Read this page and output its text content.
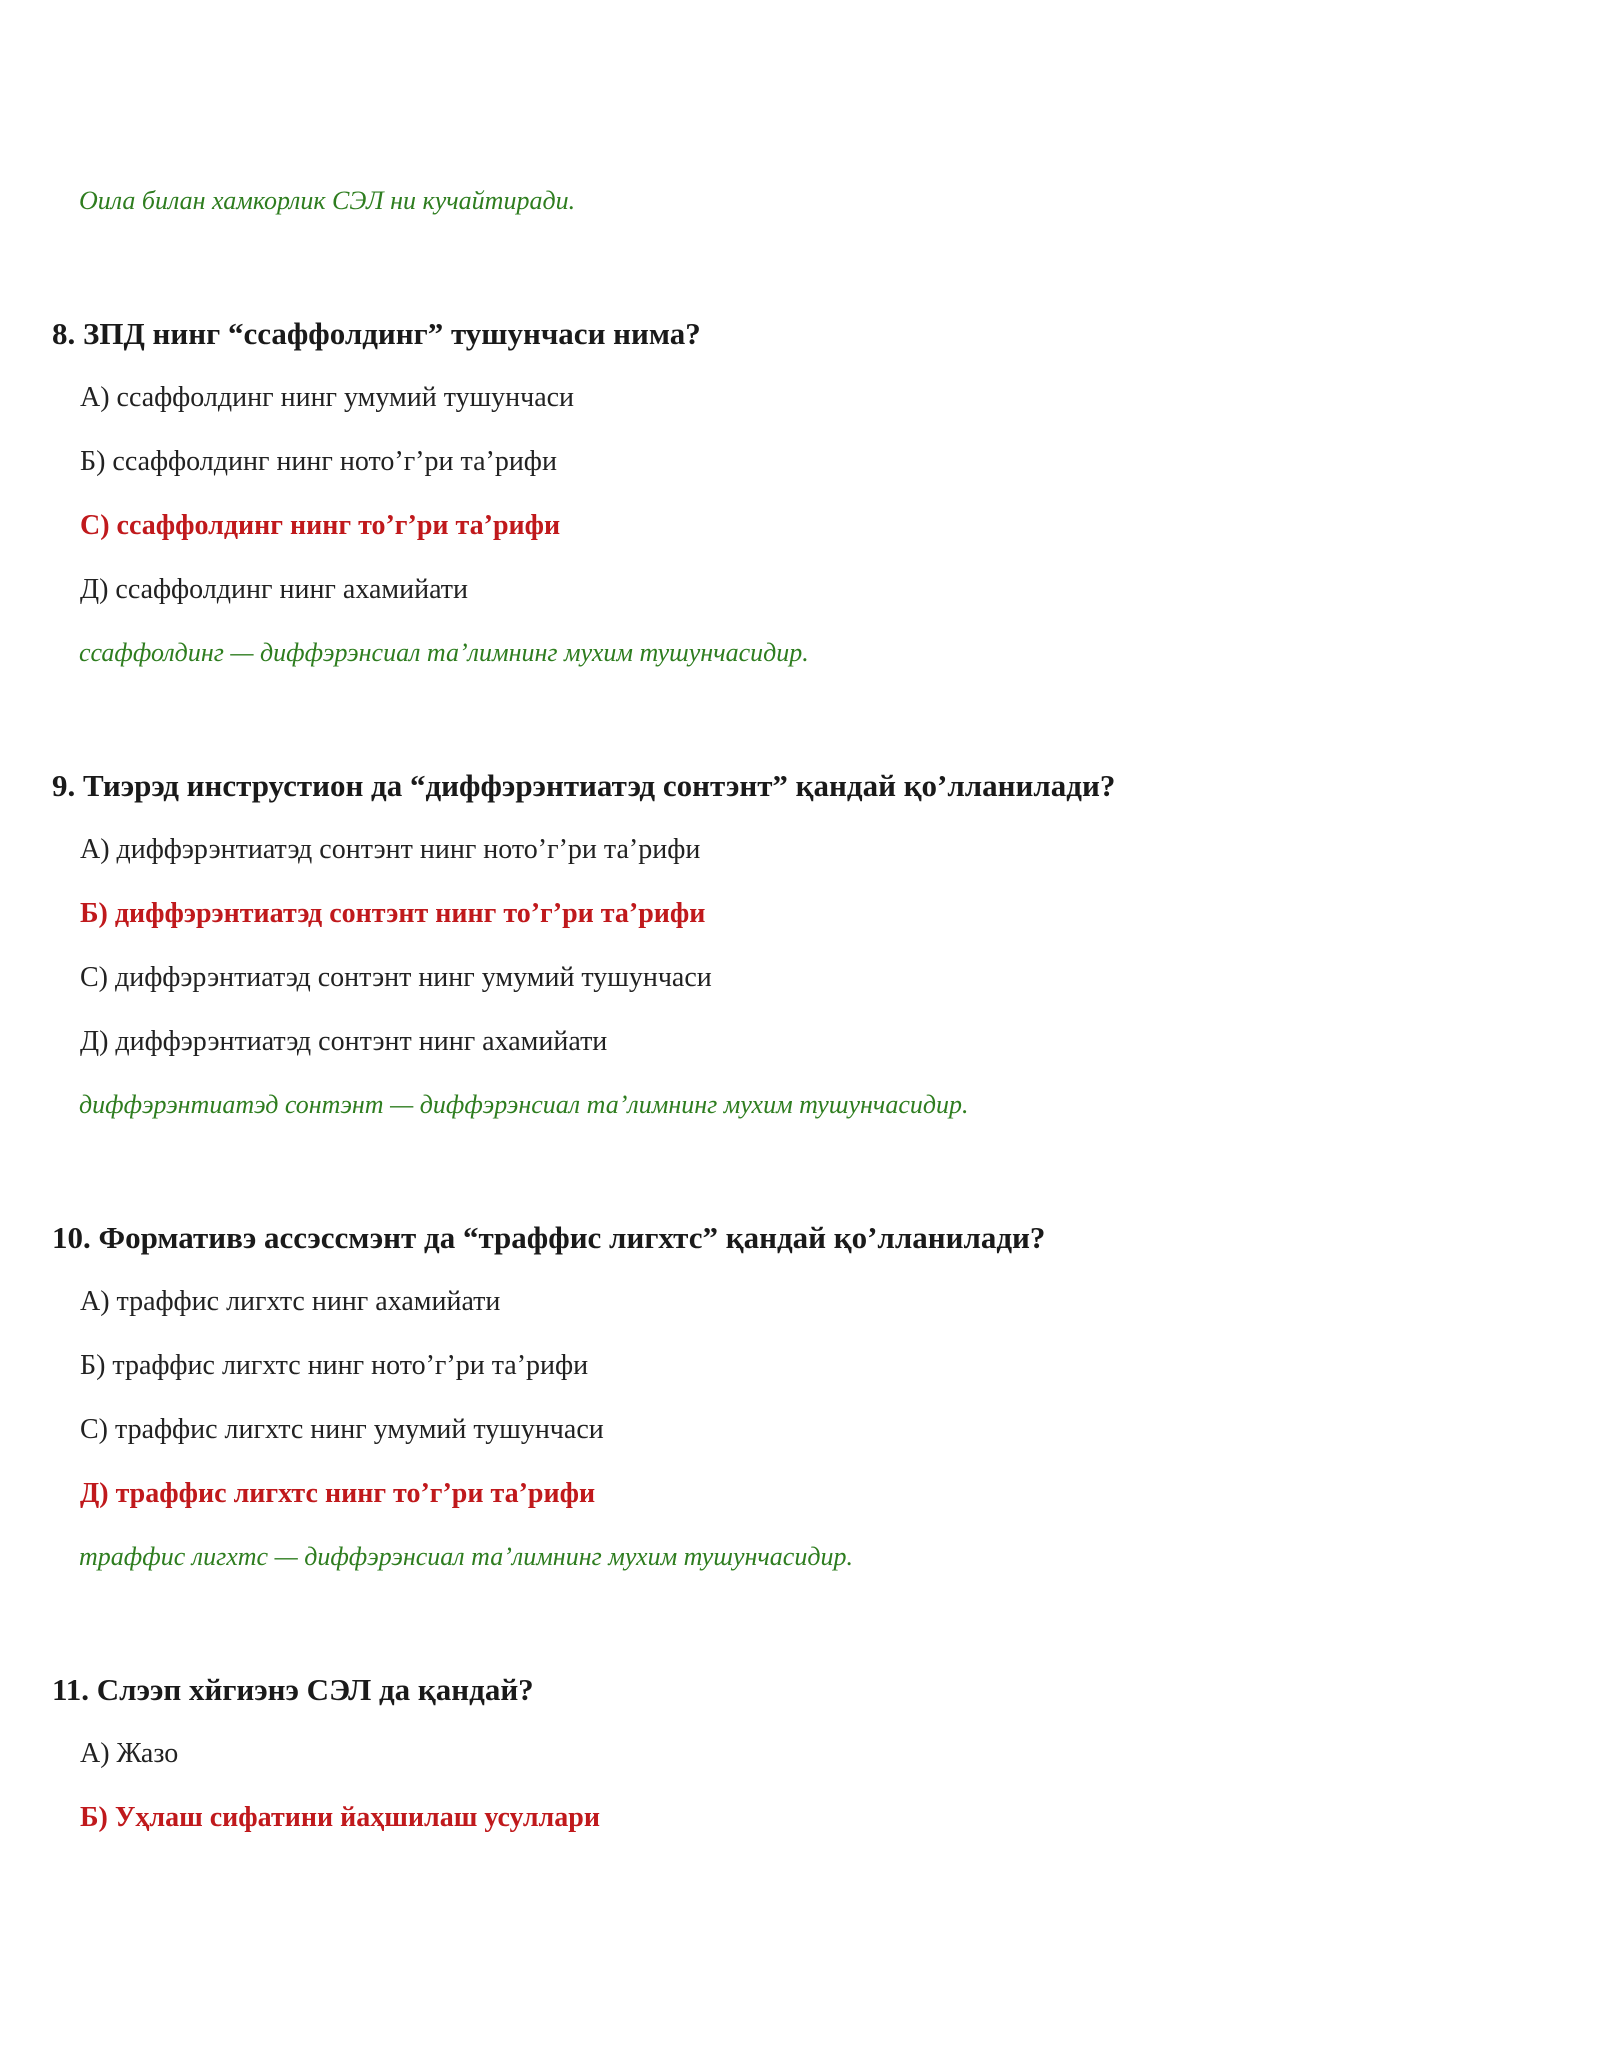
Оила билан хамкорлик СЭЛ ни кучайтиради.
8. ЗПД нинг “ссаффолдинг” тушунчаси нима?
А) ссаффолдинг нинг умумий тушунчаси
Б) ссаффолдинг нинг ното’г’ри та’рифи
С) ссаффолдинг нинг то’г’ри та’рифи
Д) ссаффолдинг нинг ахамийати
ссаффолдинг — диффэрэнсиал та’лимнинг мухим тушунчасидир.
9. Тиэрэд инструстион да “диффэрэнтиатэд сонтэнт” қандай қо’лланилади?
А) диффэрэнтиатэд сонтэнт нинг ното’г’ри та’рифи
Б) диффэрэнтиатэд сонтэнт нинг то’г’ри та’рифи
С) диффэрэнтиатэд сонтэнт нинг умумий тушунчаси
Д) диффэрэнтиатэд сонтэнт нинг ахамийати
диффэрэнтиатэд сонтэнт — диффэрэнсиал та’лимнинг мухим тушунчасидир.
10. Формативэ ассэссмэнт да “траффис лигхтс” қандай қо’лланилади?
А) траффис лигхтс нинг ахамийати
Б) траффис лигхтс нинг ното’г’ри та’рифи
С) траффис лигхтс нинг умумий тушунчаси
Д) траффис лигхтс нинг то’г’ри та’рифи
траффис лигхтс — диффэрэнсиал та’лимнинг мухим тушунчасидир.
11. Слээп хйгиэнэ СЭЛ да қандай?
А) Жазо
Б) Уҳлаш сифатини йаҳшилаш усуллари
